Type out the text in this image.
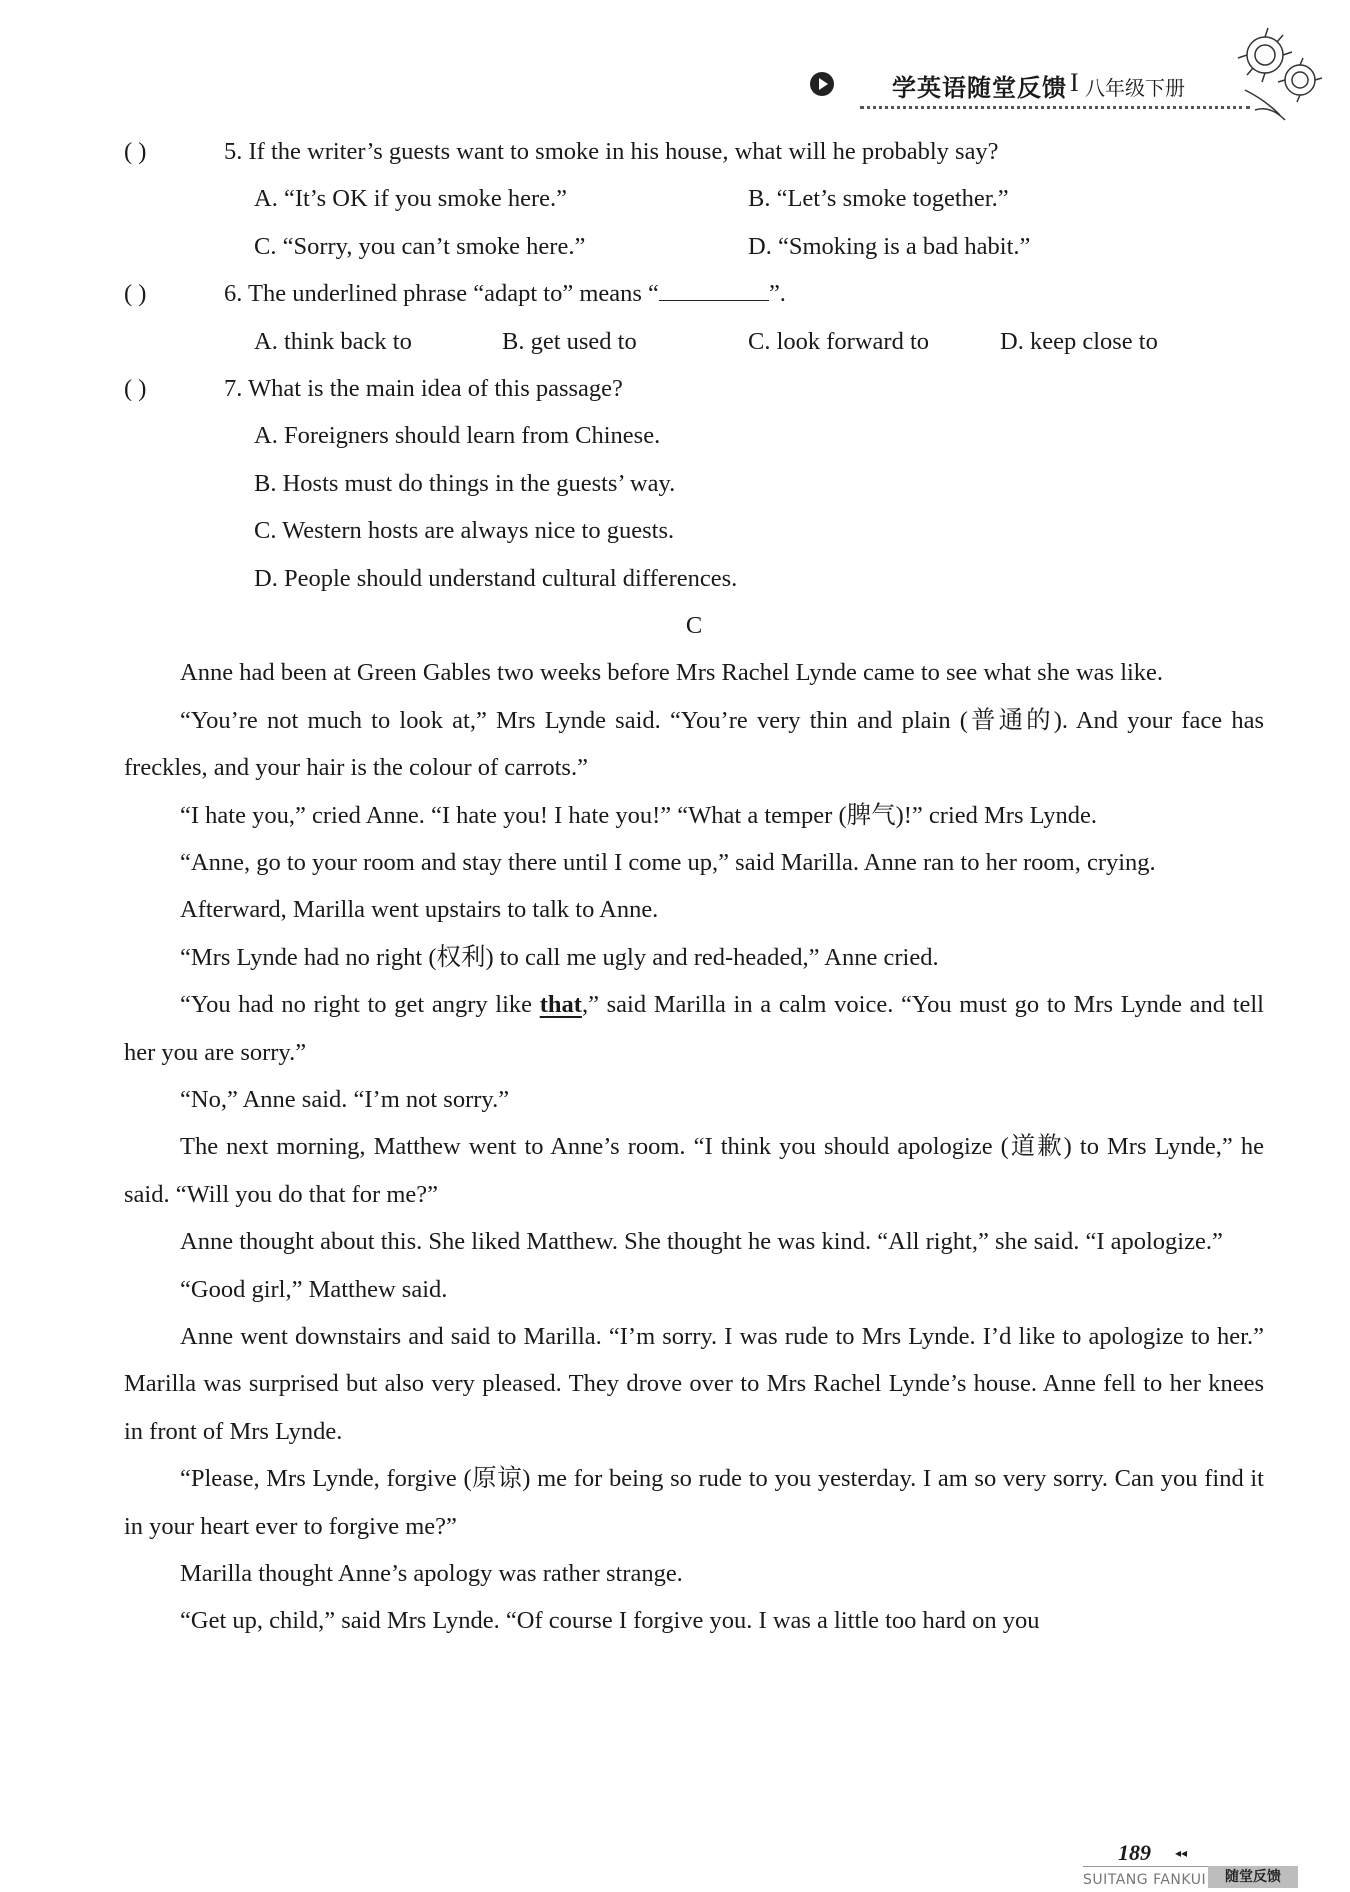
学英语随堂反馈 I 八年级下册
( )	5. If the writer’s guests want to smoke in his house, what will he probably say?
A. “It’s OK if you smoke here.”	B. “Let’s smoke together.”
C. “Sorry, you can’t smoke here.”	D. “Smoking is a bad habit.”
( )	6. The underlined phrase “adapt to” means “	”.
A. think back to	B. get used to	C. look forward to	D. keep close to
( )	7. What is the main idea of this passage?
A. Foreigners should learn from Chinese.
B. Hosts must do things in the guests’ way.
C. Western hosts are always nice to guests.
D. People should understand cultural differences.
C

Anne had been at Green Gables two weeks before Mrs Rachel Lynde came to see what she was like.

“You’re not much to look at,” Mrs Lynde said. “You’re very thin and plain (普通的). And your face has freckles, and your hair is the colour of carrots.”

“I hate you,” cried Anne. “I hate you! I hate you!” “What a temper (脾气)!” cried Mrs Lynde.

“Anne, go to your room and stay there until I come up,” said Marilla. Anne ran to her room, crying.

Afterward, Marilla went upstairs to talk to Anne.

“Mrs Lynde had no right (权利) to call me ugly and red-headed,” Anne cried.

“You had no right to get angry like that,” said Marilla in a calm voice. “You must go to Mrs Lynde and tell her you are sorry.”

“No,” Anne said. “I’m not sorry.”

The next morning, Matthew went to Anne’s room. “I think you should apologize (道歉) to Mrs Lynde,” he said. “Will you do that for me?”

Anne thought about this. She liked Matthew. She thought he was kind. “All right,” she said. “I apologize.”

“Good girl,” Matthew said.

Anne went downstairs and said to Marilla. “I’m sorry. I was rude to Mrs Lynde. I’d like to apologize to her.” Marilla was surprised but also very pleased. They drove over to Mrs Rachel Lynde’s house. Anne fell to her knees in front of Mrs Lynde.

“Please, Mrs Lynde, forgive (原谅) me for being so rude to you yesterday. I am so very sorry. Can you find it in your heart ever to forgive me?”

Marilla thought Anne’s apology was rather strange.

“Get up, child,” said Mrs Lynde. “Of course I forgive you. I was a little too hard on you

189 ◂◂
SUITANG FANKUI	随堂反馈
